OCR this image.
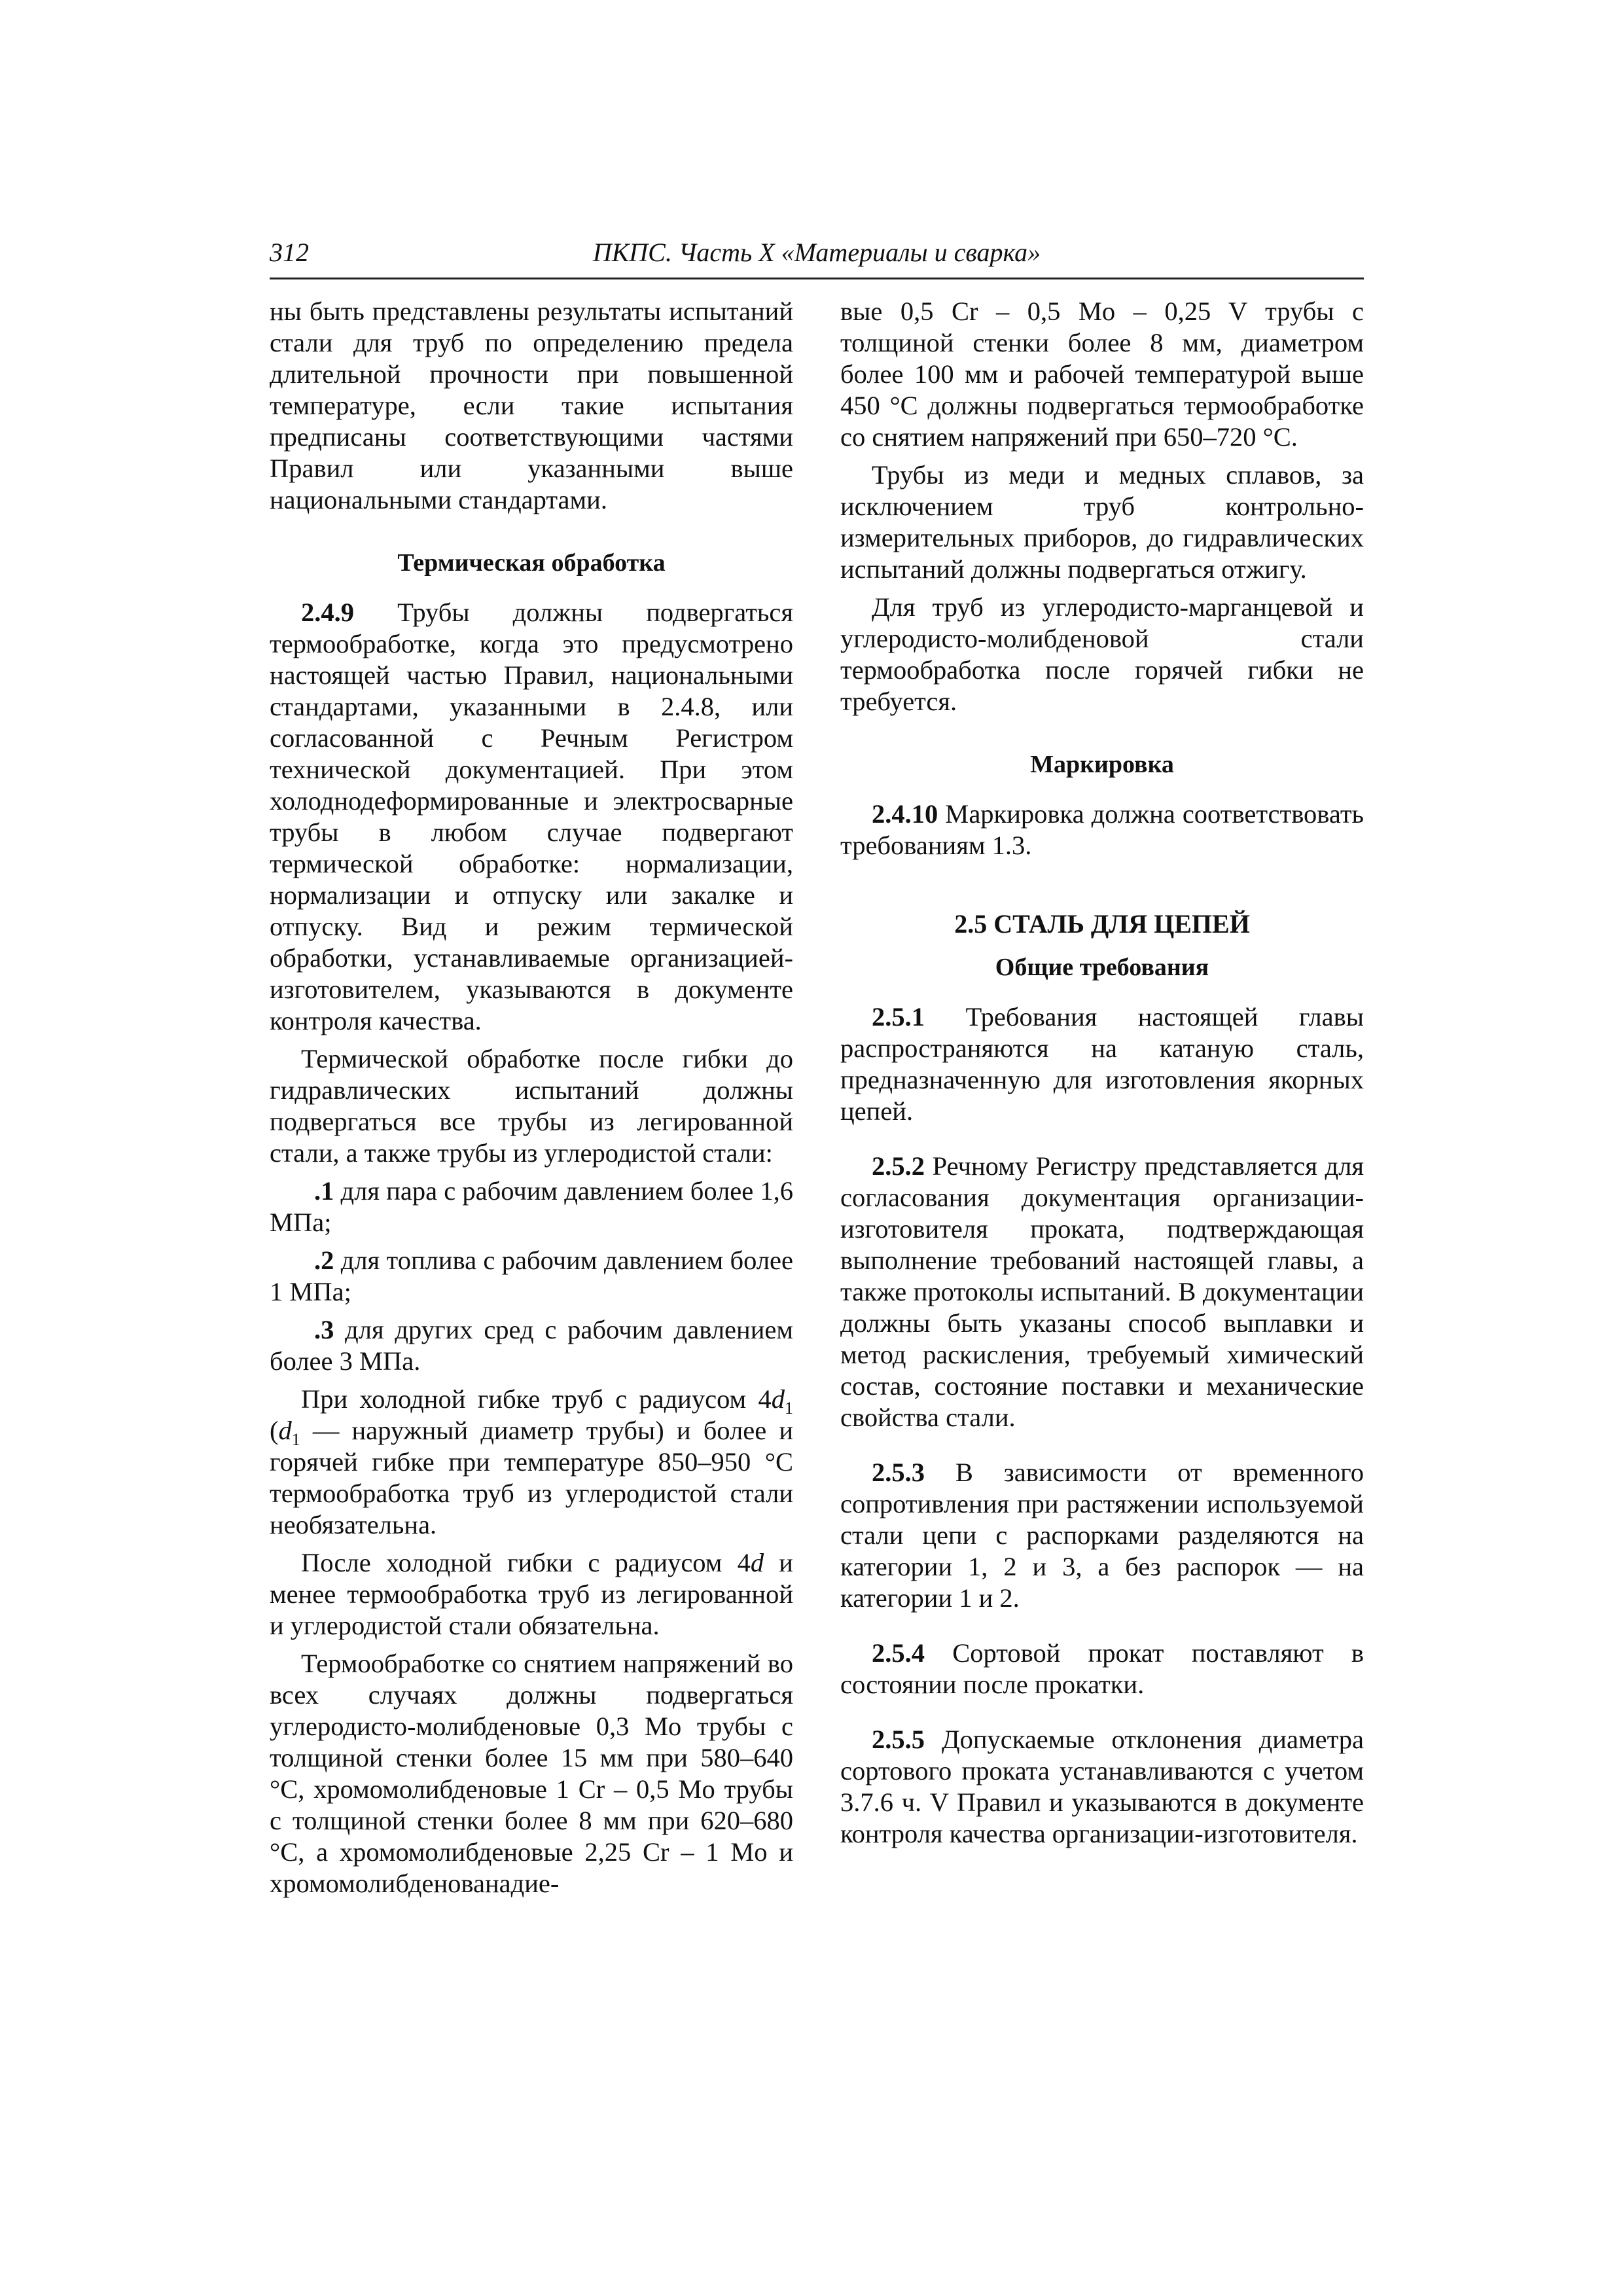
312	ПКПС. Часть X «Материалы и сварка»

ны быть представлены результаты испытаний стали для труб по определению предела длительной прочности при повышенной температуре, если такие испытания предписаны соответствующими частями Правил или указанными выше национальными стандартами.

Термическая обработка

2.4.9 Трубы должны подвергаться термообработке, когда это предусмотрено настоящей частью Правил, национальными стандартами, указанными в 2.4.8, или согласованной с Речным Регистром технической документацией. При этом холоднодеформированные и электросварные трубы в любом случае подвергают термической обработке: нормализации, нормализации и отпуску или закалке и отпуску. Вид и режим термической обработки, устанавливаемые организацией-изготовителем, указываются в документе контроля качества.

Термической обработке после гибки до гидравлических испытаний должны подвергаться все трубы из легированной стали, а также трубы из углеродистой стали:

.1 для пара с рабочим давлением более 1,6 МПа;

.2 для топлива с рабочим давлением более 1 МПа;

.3 для других сред с рабочим давлением более 3 МПа.

При холодной гибке труб с радиусом $4d_1$ ($d_1$ — наружный диаметр трубы) и более и горячей гибке при температуре 850–950 °C термообработка труб из углеродистой стали необязательна.

После холодной гибки с радиусом 4d и менее термообработка труб из легированной и углеродистой стали обязательна.

Термообработке со снятием напряжений во всех случаях должны подвергаться углеродисто-молибденовые 0,3 Mo трубы с толщиной стенки более 15 мм при 580–640 °C, хромомолибденовые 1 Cr – 0,5 Mo трубы с толщиной стенки более 8 мм при 620–680 °C, а хромомолибденовые 2,25 Cr – 1 Mo и хромомолибденованадие-

вые 0,5 Cr – 0,5 Mo – 0,25 V трубы с толщиной стенки более 8 мм, диаметром более 100 мм и рабочей температурой выше 450 °C должны подвергаться термообработке со снятием напряжений при 650–720 °C.

Трубы из меди и медных сплавов, за исключением труб контрольно-измерительных приборов, до гидравлических испытаний должны подвергаться отжигу.

Для труб из углеродисто-марганцевой и углеродисто-молибденовой стали термообработка после горячей гибки не требуется.

Маркировка

2.4.10 Маркировка должна соответствовать требованиям 1.3.

2.5 СТАЛЬ ДЛЯ ЦЕПЕЙ
Общие требования

2.5.1 Требования настоящей главы распространяются на катаную сталь, предназначенную для изготовления якорных цепей.

2.5.2 Речному Регистру представляется для согласования документация организации-изготовителя проката, подтверждающая выполнение требований настоящей главы, а также протоколы испытаний. В документации должны быть указаны способ выплавки и метод раскисления, требуемый химический состав, состояние поставки и механические свойства стали.

2.5.3 В зависимости от временного сопротивления при растяжении используемой стали цепи с распорками разделяются на категории 1, 2 и 3, а без распорок — на категории 1 и 2.

2.5.4 Сортовой прокат поставляют в состоянии после прокатки.

2.5.5 Допускаемые отклонения диаметра сортового проката устанавливаются с учетом 3.7.6 ч. V Правил и указываются в документе контроля качества организации-изготовителя.
